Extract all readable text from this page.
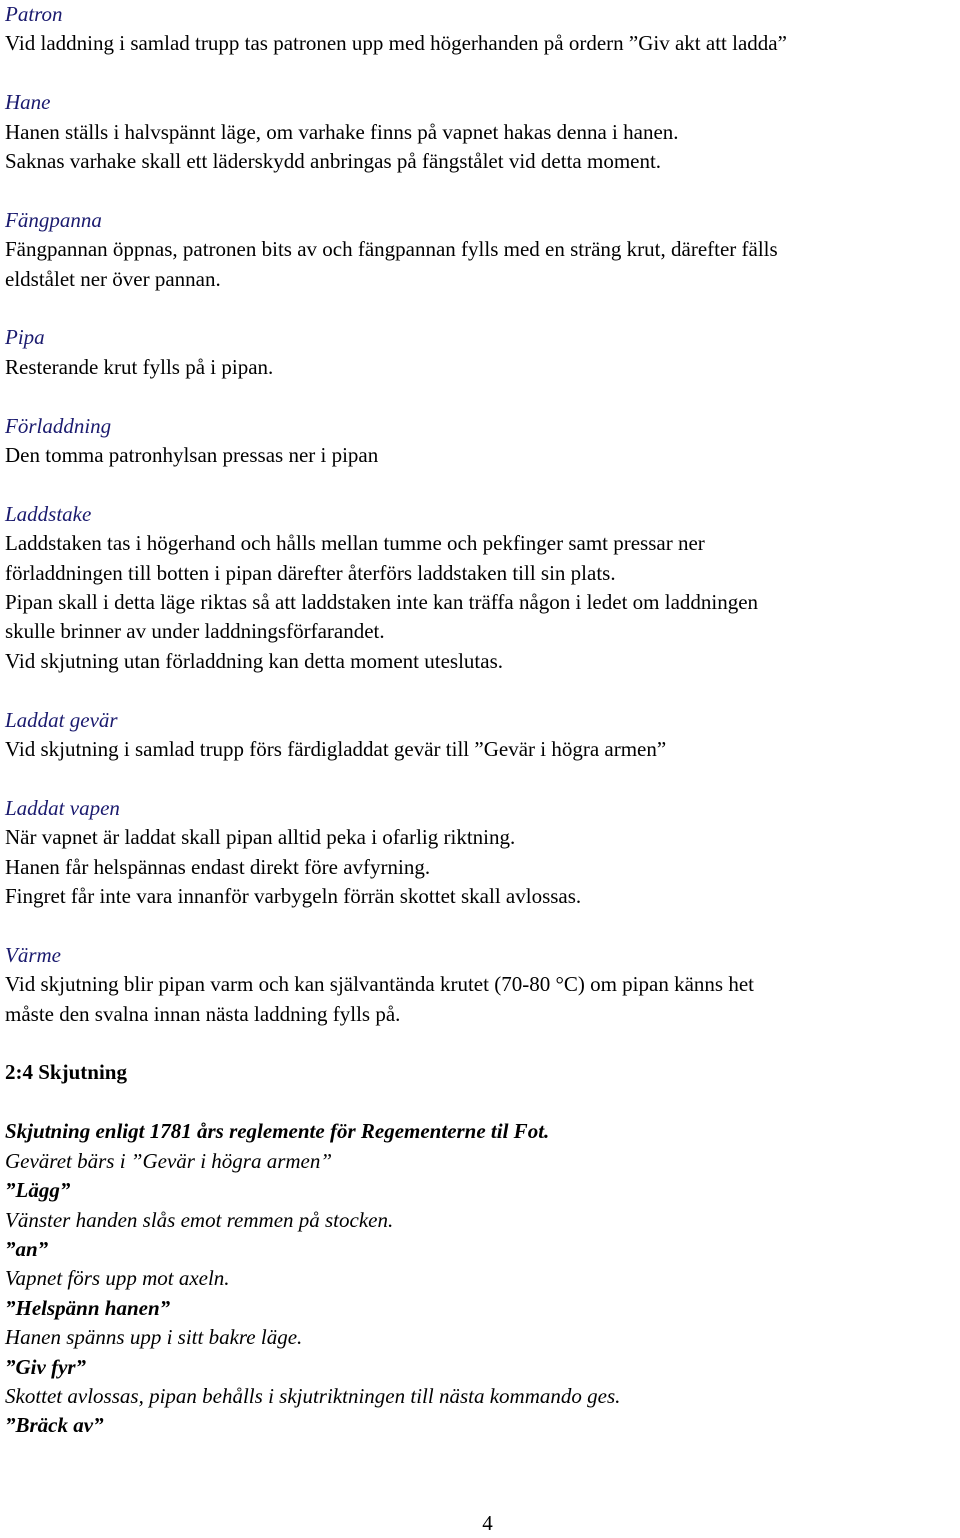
Patron

Vid laddning i samlad trupp tas patronen upp med högerhanden på ordern ”Giv akt att ladda”

Hane

Hanen ställs i halvspännt läge, om varhake finns på vapnet hakas denna i hanen.

Saknas varhake skall ett läderskydd anbringas på fängstålet vid detta moment.

Fängpanna

Fängpannan öppnas, patronen bits av och fängpannan fylls med en sträng krut, därefter fälls

eldstålet ner över pannan.

Pipa

Resterande krut fylls på i pipan.

Förladdning

Den tomma patronhylsan pressas ner i pipan

Laddstake

Laddstaken tas i högerhand och hålls mellan tumme och pekfinger samt pressar ner

förladdningen till botten i pipan därefter återförs laddstaken till sin plats.

Pipan skall i detta läge riktas så att laddstaken inte kan träffa någon i ledet om laddningen

skulle brinner av under laddningsförfarandet.

Vid skjutning utan förladdning kan detta moment uteslutas.

Laddat gevär

Vid skjutning i samlad trupp förs färdigladdat gevär till ”Gevär i högra armen”

Laddat vapen

När vapnet är laddat skall pipan alltid peka i ofarlig riktning.

Hanen får helspännas endast direkt före avfyrning.

Fingret får inte vara innanför varbygeln förrän skottet skall avlossas.

Värme

Vid skjutning blir pipan varm och kan självantända krutet (70-80 °C) om pipan känns het

måste den svalna innan nästa laddning fylls på.

2:4 Skjutning

Skjutning enligt 1781 års reglemente för Regementerne til Fot.

Geväret bärs i ”Gevär i högra armen”

”Lägg”

Vänster handen slås emot remmen på stocken.

”an”

Vapnet förs upp mot axeln.

”Helspänn hanen”

Hanen spänns upp i sitt bakre läge.

”Giv fyr”

Skottet avlossas, pipan behålls i skjutriktningen till nästa kommando ges.

”Bräck av”

4
